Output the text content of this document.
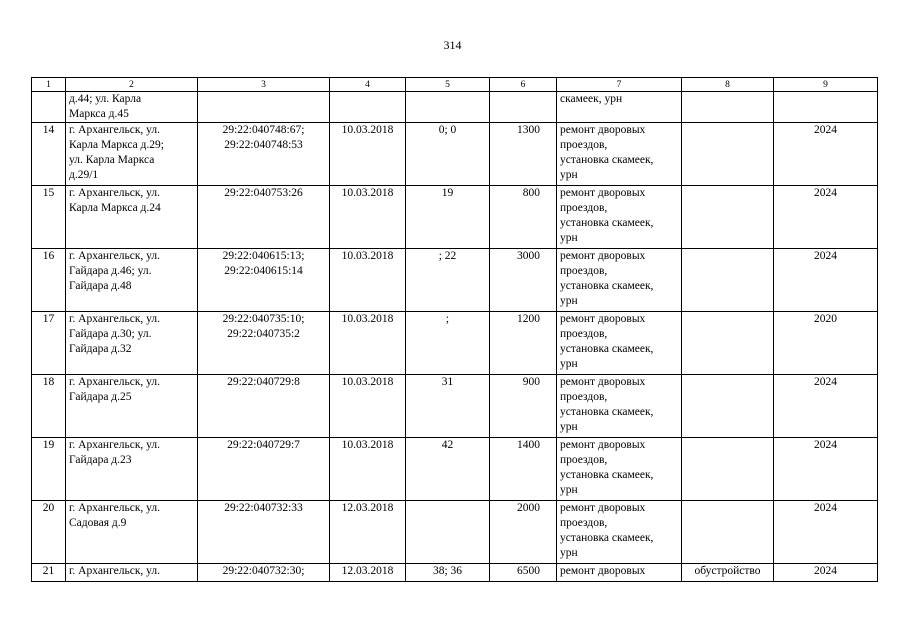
314
1	2	3	4	5	6	7	8	9

	д.44; ул. Карла
Маркса д.45					скамеек, урн		

14	г. Архангельск, ул.
Карла Маркса д.29;
ул. Карла Маркса
д.29/1	29:22:040748:67;
29:22:040748:53	10.03.2018	0; 0	1300	ремонт дворовых
проездов,
установка скамеек,
урн		2024
15	г. Архангельск, ул.
Карла Маркса д.24	29:22:040753:26	10.03.2018	19	800	ремонт дворовых
проездов,
установка скамеек,
урн		2024
16	г. Архангельск, ул.
Гайдара д.46; ул.
Гайдара д.48	29:22:040615:13;
29:22:040615:14	10.03.2018	; 22	3000	ремонт дворовых
проездов,
установка скамеек,
урн		2024
17	г. Архангельск, ул.
Гайдара д.30; ул.
Гайдара д.32	29:22:040735:10;
29:22:040735:2	10.03.2018	;	1200	ремонт дворовых
проездов,
установка скамеек,
урн		2020
18	г. Архангельск, ул.
Гайдара д.25	29:22:040729:8	10.03.2018	31	900	ремонт дворовых
проездов,
установка скамеек,
урн		2024
19	г. Архангельск, ул.
Гайдара д.23	29:22:040729:7	10.03.2018	42	1400	ремонт дворовых
проездов,
установка скамеек,
урн		2024
20	г. Архангельск, ул.
Садовая д.9	29:22:040732:33	12.03.2018		2000	ремонт дворовых
проездов,
установка скамеек,
урн		2024
21	г. Архангельск, ул.	29:22:040732:30;	12.03.2018	38; 36	6500	ремонт дворовых	обустройство	2024
